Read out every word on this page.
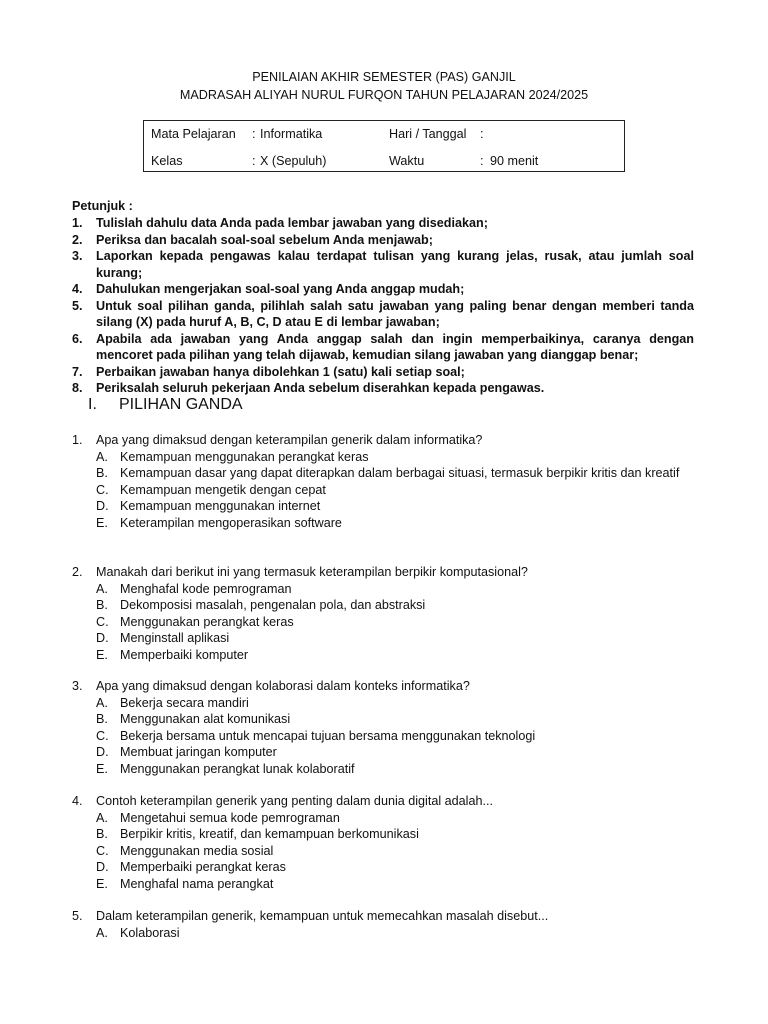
PENILAIAN AKHIR SEMESTER (PAS) GANJIL
MADRASAH ALIYAH NURUL FURQON TAHUN PELAJARAN 2024/2025
Mata Pelajaran : Informatika	Hari / Tanggal :
Kelas	: X (Sepuluh)	Waktu	: 90 menit
Petunjuk :
1. Tulislah dahulu data Anda pada lembar jawaban yang disediakan;
2. Periksa dan bacalah soal-soal sebelum Anda menjawab;
3. Laporkan kepada pengawas kalau terdapat tulisan yang kurang jelas, rusak, atau jumlah soal kurang;
4. Dahulukan mengerjakan soal-soal yang Anda anggap mudah;
5. Untuk soal pilihan ganda, pilihlah salah satu jawaban yang paling benar dengan memberi tanda silang (X) pada huruf A, B, C, D atau E di lembar jawaban;
6. Apabila ada jawaban yang Anda anggap salah dan ingin memperbaikinya, caranya dengan mencoret pada pilihan yang telah dijawab, kemudian silang jawaban yang dianggap benar;
7. Perbaikan jawaban hanya dibolehkan 1 (satu) kali setiap soal;
8. Periksalah seluruh pekerjaan Anda sebelum diserahkan kepada pengawas.
I. PILIHAN GANDA
1. Apa yang dimaksud dengan keterampilan generik dalam informatika?
A. Kemampuan menggunakan perangkat keras
B. Kemampuan dasar yang dapat diterapkan dalam berbagai situasi, termasuk berpikir kritis dan kreatif
C. Kemampuan mengetik dengan cepat
D. Kemampuan menggunakan internet
E. Keterampilan mengoperasikan software
2. Manakah dari berikut ini yang termasuk keterampilan berpikir komputasional?
A. Menghafal kode pemrograman
B. Dekomposisi masalah, pengenalan pola, dan abstraksi
C. Menggunakan perangkat keras
D. Menginstall aplikasi
E. Memperbaiki komputer
3. Apa yang dimaksud dengan kolaborasi dalam konteks informatika?
A. Bekerja secara mandiri
B. Menggunakan alat komunikasi
C. Bekerja bersama untuk mencapai tujuan bersama menggunakan teknologi
D. Membuat jaringan komputer
E. Menggunakan perangkat lunak kolaboratif
4. Contoh keterampilan generik yang penting dalam dunia digital adalah...
A. Mengetahui semua kode pemrograman
B. Berpikir kritis, kreatif, dan kemampuan berkomunikasi
C. Menggunakan media sosial
D. Memperbaiki perangkat keras
E. Menghafal nama perangkat
5. Dalam keterampilan generik, kemampuan untuk memecahkan masalah disebut...
A. Kolaborasi
